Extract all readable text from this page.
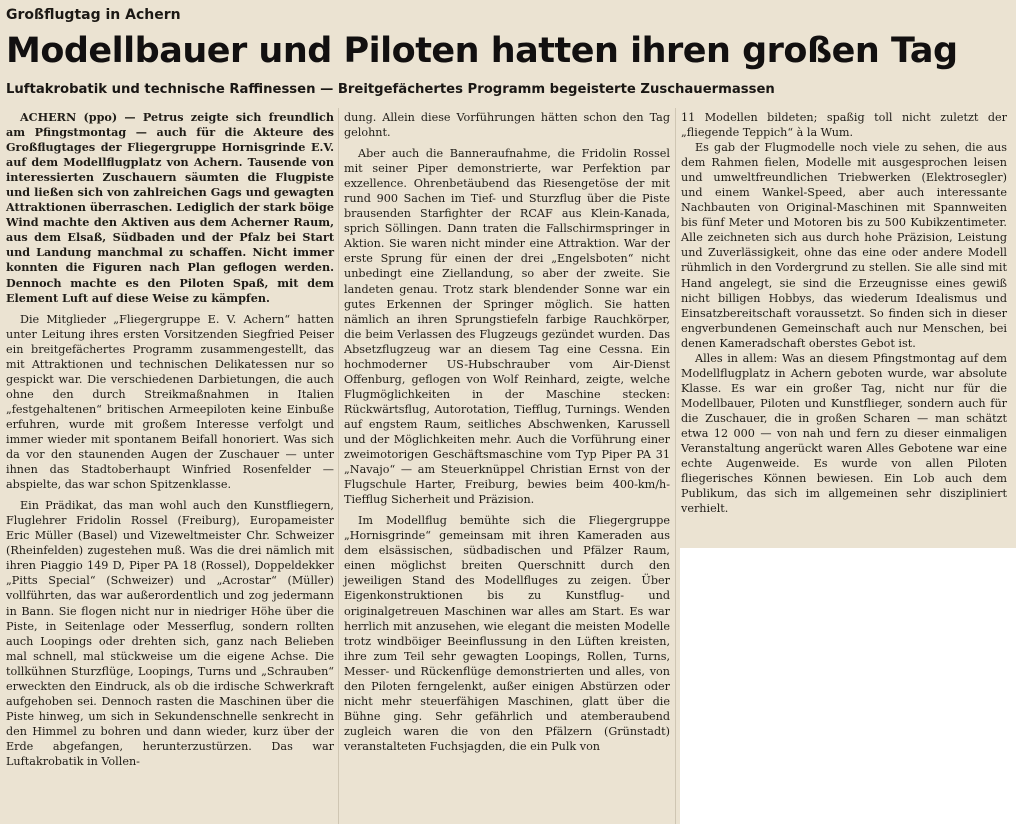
Großflugtag in Achern
Modellbauer und Piloten hatten ihren großen Tag
Luftakrobatik und technische Raffinessen — Breitgefächertes Programm begeisterte Zuschauermassen

ACHERN (ppo) — Petrus zeigte sich freundlich am Pfingstmontag — auch für die Akteure des Großflugtages der Fliegergruppe Hornisgrinde E.V. auf dem Modellflugplatz von Achern. Tausende von interessierten Zuschauern säumten die Flugpiste und ließen sich von zahlreichen Gags und gewagten Attraktionen überraschen. Lediglich der stark böige Wind machte den Aktiven aus dem Acherner Raum, aus dem Elsaß, Südbaden und der Pfalz bei Start und Landung manchmal zu schaffen. Nicht immer konnten die Figuren nach Plan geflogen werden. Dennoch machte es den Piloten Spaß, mit dem Element Luft auf diese Weise zu kämpfen.

Die Mitglieder „Fliegergruppe E. V. Achern“ hatten unter Leitung ihres ersten Vorsitzenden Siegfried Peiser ein breitgefächertes Programm zusammengestellt, das mit Attraktionen und technischen Delikatessen nur so gespickt war. Die verschiedenen Darbietungen, die auch ohne den durch Streikmaßnahmen in Italien „festgehaltenen“ britischen Armeepiloten keine Einbuße erfuhren, wurde mit großem Interesse verfolgt und immer wieder mit spontanem Beifall honoriert. Was sich da vor den staunenden Augen der Zuschauer — unter ihnen das Stadtoberhaupt Winfried Rosenfelder — abspielte, das war schon Spitzenklasse.

Ein Prädikat, das man wohl auch den Kunstfliegern, Fluglehrer Fridolin Rossel (Freiburg), Europameister Eric Müller (Basel) und Vizeweltmeister Chr. Schweizer (Rheinfelden) zugestehen muß. Was die drei nämlich mit ihren Piaggio 149 D, Piper PA 18 (Rossel), Doppeldekker „Pitts Special“ (Schweizer) und „Acrostar“ (Müller) vollführten, das war außerordentlich und zog jedermann in Bann. Sie flogen nicht nur in niedriger Höhe über die Piste, in Seitenlage oder Messerflug, sondern rollten auch Loopings oder drehten sich, ganz nach Belieben mal schnell, mal stückweise um die eigene Achse. Die tollkühnen Sturzflüge, Loopings, Turns und „Schrauben“ erweckten den Eindruck, als ob die irdische Schwerkraft aufgehoben sei. Dennoch rasten die Maschinen über die Piste hinweg, um sich in Sekundenschnelle senkrecht in den Himmel zu bohren und dann wieder, kurz über der Erde abgefangen, herunterzustürzen. Das war Luftakrobatik in Vollen-

dung. Allein diese Vorführungen hätten schon den Tag gelohnt.

Aber auch die Banneraufnahme, die Fridolin Rossel mit seiner Piper demonstrierte, war Perfektion par exzellence. Ohrenbetäubend das Riesengetöse der mit rund 900 Sachen im Tief- und Sturzflug über die Piste brausenden Starfighter der RCAF aus Klein-Kanada, sprich Söllingen. Dann traten die Fallschirmspringer in Aktion. Sie waren nicht minder eine Attraktion. War der erste Sprung für einen der drei „Engelsboten“ nicht unbedingt eine Ziellandung, so aber der zweite. Sie landeten genau. Trotz stark blendender Sonne war ein gutes Erkennen der Springer möglich. Sie hatten nämlich an ihren Sprungstiefeln farbige Rauchkörper, die beim Verlassen des Flugzeugs gezündet wurden. Das Absetzflugzeug war an diesem Tag eine Cessna. Ein hochmoderner US-Hubschrauber vom Air-Dienst Offenburg, geflogen von Wolf Reinhard, zeigte, welche Flugmöglichkeiten in der Maschine stecken: Rückwärtsflug, Autorotation, Tiefflug, Turnings. Wenden auf engstem Raum, seitliches Abschwenken, Karussell und der Möglichkeiten mehr. Auch die Vorführung einer zweimotorigen Geschäftsmaschine vom Typ Piper PA 31 „Navajo“ — am Steuerknüppel Christian Ernst von der Flugschule Harter, Freiburg, bewies beim 400-km/h-Tiefflug Sicherheit und Präzision.

Im Modellflug bemühte sich die Fliegergruppe „Hornisgrinde“ gemeinsam mit ihren Kameraden aus dem elsässischen, südbadischen und Pfälzer Raum, einen möglichst breiten Querschnitt durch den jeweiligen Stand des Modellfluges zu zeigen. Über Eigenkonstruktionen bis zu Kunstflug- und originalgetreuen Maschinen war alles am Start. Es war herrlich mit anzusehen, wie elegant die meisten Modelle trotz windböiger Beeinflussung in den Lüften kreisten, ihre zum Teil sehr gewagten Loopings, Rollen, Turns, Messer- und Rückenflüge demonstrierten und alles, von den Piloten ferngelenkt, außer einigen Abstürzen oder nicht mehr steuerfähigen Maschinen, glatt über die Bühne ging. Sehr gefährlich und atemberaubend zugleich waren die von den Pfälzern (Grünstadt) veranstalteten Fuchsjagden, die ein Pulk von

11 Modellen bildeten; spaßig toll nicht zuletzt der „fliegende Teppich“ à la Wum.

Es gab der Flugmodelle noch viele zu sehen, die aus dem Rahmen fielen, Modelle mit ausgesprochen leisen und umweltfreundlichen Triebwerken (Elektrosegler) und einem Wankel-Speed, aber auch interessante Nachbauten von Original-Maschinen mit Spannweiten bis fünf Meter und Motoren bis zu 500 Kubikzentimeter. Alle zeichneten sich aus durch hohe Präzision, Leistung und Zuverlässigkeit, ohne das eine oder andere Modell rühmlich in den Vordergrund zu stellen. Sie alle sind mit Hand angelegt, sie sind die Erzeugnisse eines gewiß nicht billigen Hobbys, das wiederum Idealismus und Einsatzbereitschaft voraussetzt. So finden sich in dieser engverbundenen Gemeinschaft auch nur Menschen, bei denen Kameradschaft oberstes Gebot ist.

Alles in allem: Was an diesem Pfingstmontag auf dem Modellflugplatz in Achern geboten wurde, war absolute Klasse. Es war ein großer Tag, nicht nur für die Modellbauer, Piloten und Kunstflieger, sondern auch für die Zuschauer, die in großen Scharen — man schätzt etwa 12 000 — von nah und fern zu dieser einmaligen Veranstaltung angerückt waren Alles Gebotene war eine echte Augenweide. Es wurde von allen Piloten fliegerisches Können bewiesen. Ein Lob auch dem Publikum, das sich im allgemeinen sehr diszipliniert verhielt.
